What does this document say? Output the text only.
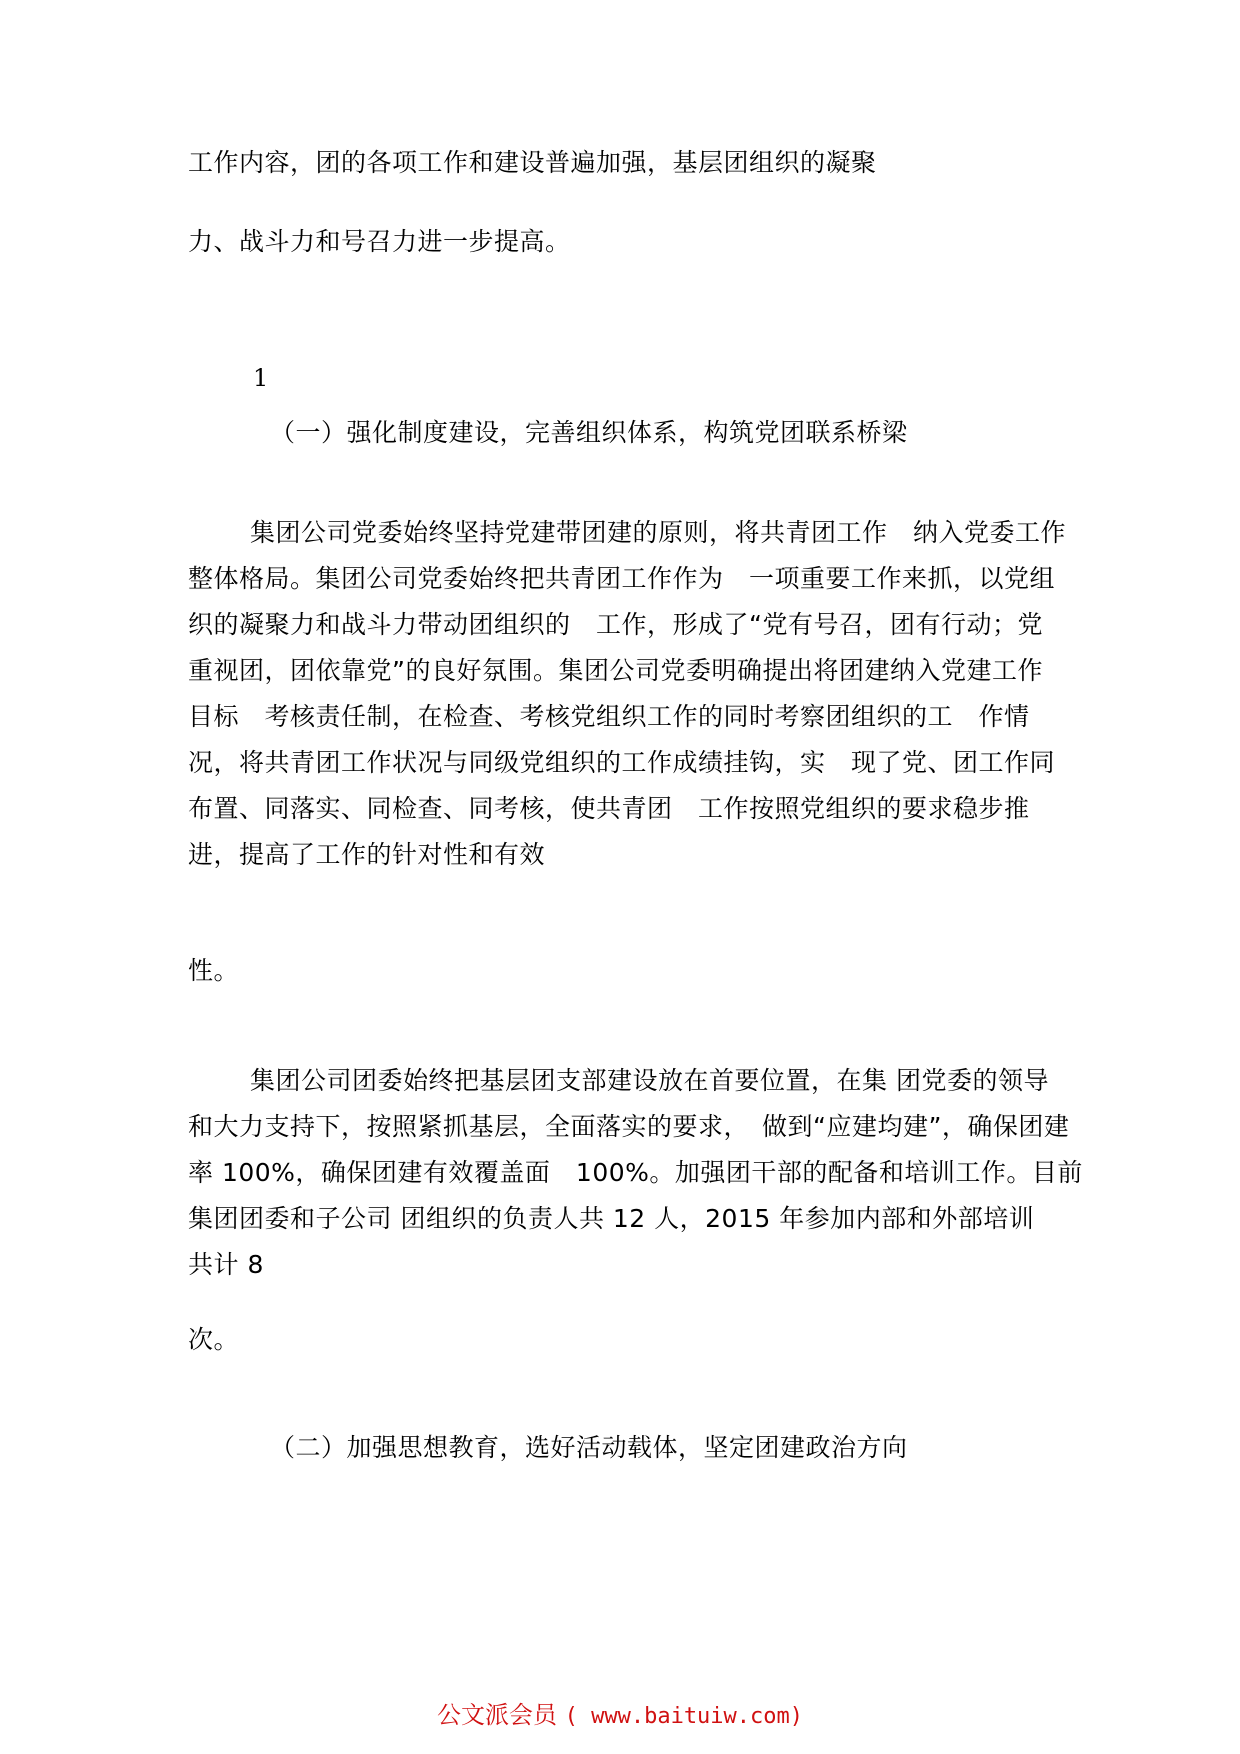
工作内容，团的各项工作和建设普遍加强，基层团组织的凝聚
力、战斗力和号召力进一步提高。
1
（一）强化制度建设，完善组织体系，构筑党团联系桥梁

集团公司党委始终坚持党建带团建的原则，将共青团工作　纳入党委工作

整体格局。集团公司党委始终把共青团工作作为　一项重要工作来抓，以党组

织的凝聚力和战斗力带动团组织的　工作，形成了“党有号召，团有行动；党

重视团，团依靠党”的良好氛围。集团公司党委明确提出将团建纳入党建工作

目标　考核责任制，在检查、考核党组织工作的同时考察团组织的工　作情

况，将共青团工作状况与同级党组织的工作成绩挂钩，实　现了党、团工作同

布置、同落实、同检查、同考核，使共青团　工作按照党组织的要求稳步推

进，提高了工作的针对性和有效

性。

集团公司团委始终把基层团支部建设放在首要位置，在集 团党委的领导

和大力支持下，按照紧抓基层，全面落实的要求，　做到“应建均建”，确保团建

率 100%，确保团建有效覆盖面　100%。加强团干部的配备和培训工作。目前

集团团委和子公司 团组织的负责人共 12 人，2015 年参加内部和外部培训

共计 8

次。
（二）加强思想教育，选好活动载体，坚定团建政治方向
公文派会员 ( www.baituiw.com)
